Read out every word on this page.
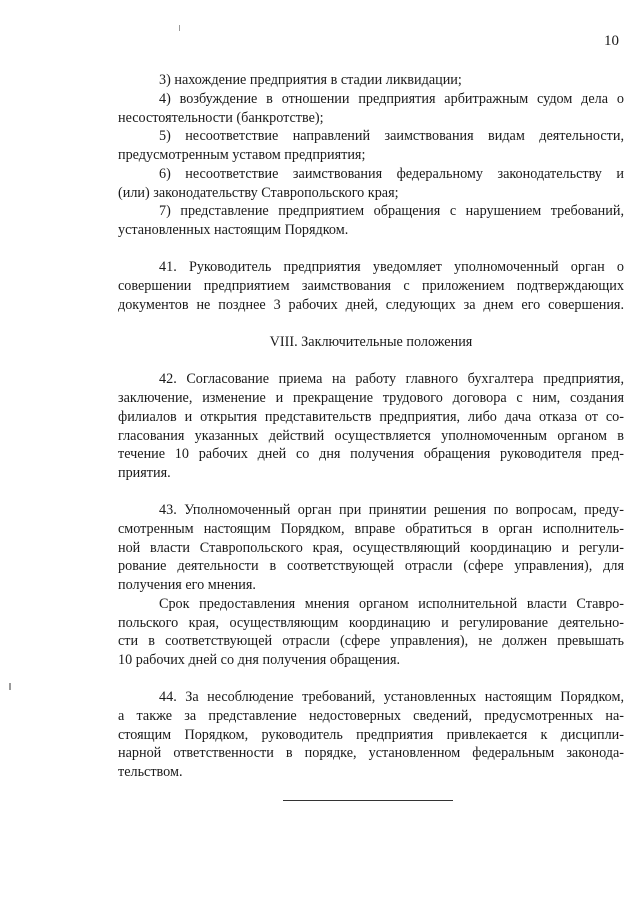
10
3) нахождение предприятия в стадии ликвидации;
4) возбуждение в отношении предприятия арбитражным судом дела о
несостоятельности (банкротстве);
5) несоответствие направлений заимствования видам деятельности,
предусмотренным уставом предприятия;
6) несоответствие заимствования федеральному законодательству и
(или) законодательству Ставропольского края;
7) представление предприятием обращения с нарушением требований,
установленных настоящим Порядком.
41. Руководитель предприятия уведомляет уполномоченный орган о
совершении предприятием заимствования с приложением подтверждающих
документов не позднее 3 рабочих дней, следующих за днем его совершения.
VIII. Заключительные положения
42. Согласование приема на работу главного бухгалтера предприятия,
заключение, изменение и прекращение трудового договора с ним, создания
филиалов и открытия представительств предприятия, либо дача отказа от со-
гласования указанных действий осуществляется уполномоченным органом в
течение 10 рабочих дней со дня получения обращения руководителя пред-
приятия.
43. Уполномоченный орган при принятии решения по вопросам, преду-
смотренным настоящим Порядком, вправе обратиться в орган исполнитель-
ной власти Ставропольского края, осуществляющий координацию и регули-
рование деятельности в соответствующей отрасли (сфере управления), для
получения его мнения.
Срок предоставления мнения органом исполнительной власти Ставро-
польского края, осуществляющим координацию и регулирование деятельно-
сти в соответствующей отрасли (сфере управления), не должен превышать
10 рабочих дней со дня получения обращения.
44. За несоблюдение требований, установленных настоящим Порядком,
а также за представление недостоверных сведений, предусмотренных на-
стоящим Порядком, руководитель предприятия привлекается к дисципли-
нарной ответственности в порядке, установленном федеральным законода-
тельством.
